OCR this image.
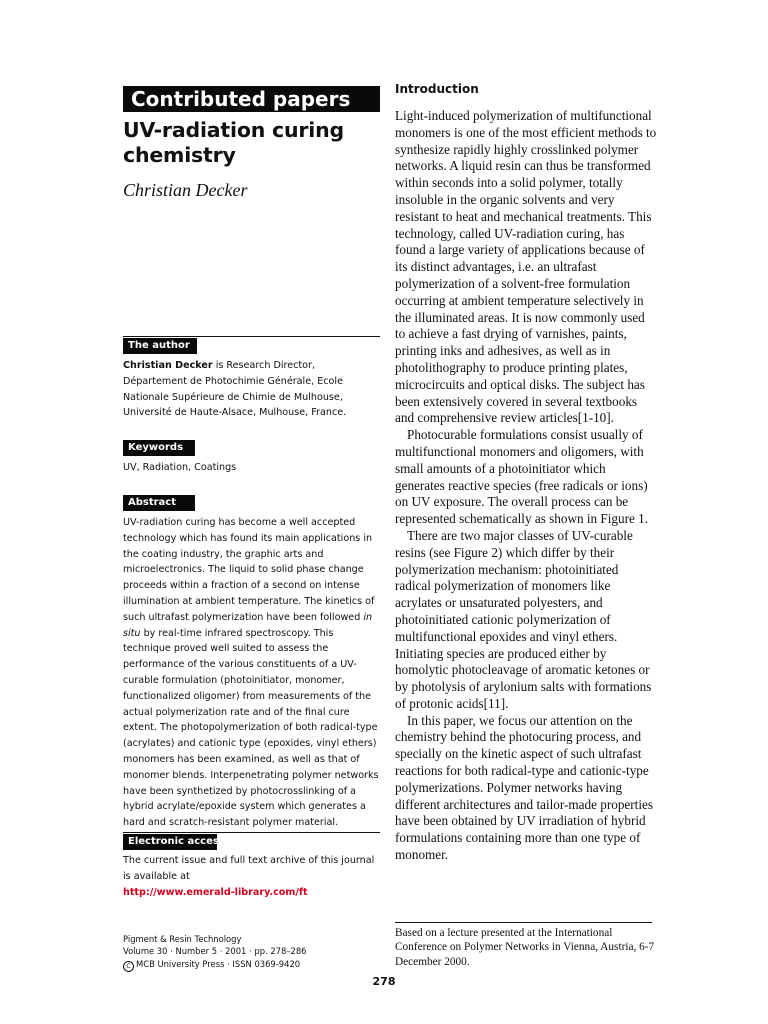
Contributed papers
UV-radiation curing
chemistry
Christian Decker
The author
Christian Decker is Research Director, Département de Photochimie Générale, Ecole Nationale Supérieure de Chimie de Mulhouse, Université de Haute-Alsace, Mulhouse, France.
Keywords
UV, Radiation, Coatings
Abstract
UV-radiation curing has become a well accepted technology which has found its main applications in the coating industry, the graphic arts and microelectronics. The liquid to solid phase change proceeds within a fraction of a second on intense illumination at ambient temperature. The kinetics of such ultrafast polymerization have been followed in situ by real-time infrared spectroscopy. This technique proved well suited to assess the performance of the various constituents of a UV-curable formulation (photoinitiator, monomer, functionalized oligomer) from measurements of the actual polymerization rate and of the final cure extent. The photopolymerization of both radical-type (acrylates) and cationic type (epoxides, vinyl ethers) monomers has been examined, as well as that of monomer blends. Interpenetrating polymer networks have been synthetized by photocrosslinking of a hybrid acrylate/epoxide system which generates a hard and scratch-resistant polymer material.
Electronic access
The current issue and full text archive of this journal is available at
http://www.emerald-library.com/ft
Pigment & Resin Technology
Volume 30 · Number 5 · 2001 · pp. 278–286
C MCB University Press · ISSN 0369-9420
Introduction

Light-induced polymerization of multifunctional monomers is one of the most efficient methods to synthesize rapidly highly crosslinked polymer networks. A liquid resin can thus be transformed within seconds into a solid polymer, totally insoluble in the organic solvents and very resistant to heat and mechanical treatments. This technology, called UV-radiation curing, has found a large variety of applications because of its distinct advantages, i.e. an ultrafast polymerization of a solvent-free formulation occurring at ambient temperature selectively in the illuminated areas. It is now commonly used to achieve a fast drying of varnishes, paints, printing inks and adhesives, as well as in photolithography to produce printing plates, microcircuits and optical disks. The subject has been extensively covered in several textbooks and comprehensive review articles[1-10].

Photocurable formulations consist usually of multifunctional monomers and oligomers, with small amounts of a photoinitiator which generates reactive species (free radicals or ions) on UV exposure. The overall process can be represented schematically as shown in Figure 1.

There are two major classes of UV-curable resins (see Figure 2) which differ by their polymerization mechanism: photoinitiated radical polymerization of monomers like acrylates or unsaturated polyesters, and photoinitiated cationic polymerization of multifunctional epoxides and vinyl ethers. Initiating species are produced either by homolytic photocleavage of aromatic ketones or by photolysis of arylonium salts with formations of protonic acids[11].

In this paper, we focus our attention on the chemistry behind the photocuring process, and specially on the kinetic aspect of such ultrafast reactions for both radical-type and cationic-type polymerizations. Polymer networks having different architectures and tailor-made properties have been obtained by UV irradiation of hybrid formulations containing more than one type of monomer.

Based on a lecture presented at the International Conference on Polymer Networks in Vienna, Austria, 6-7 December 2000.
278
